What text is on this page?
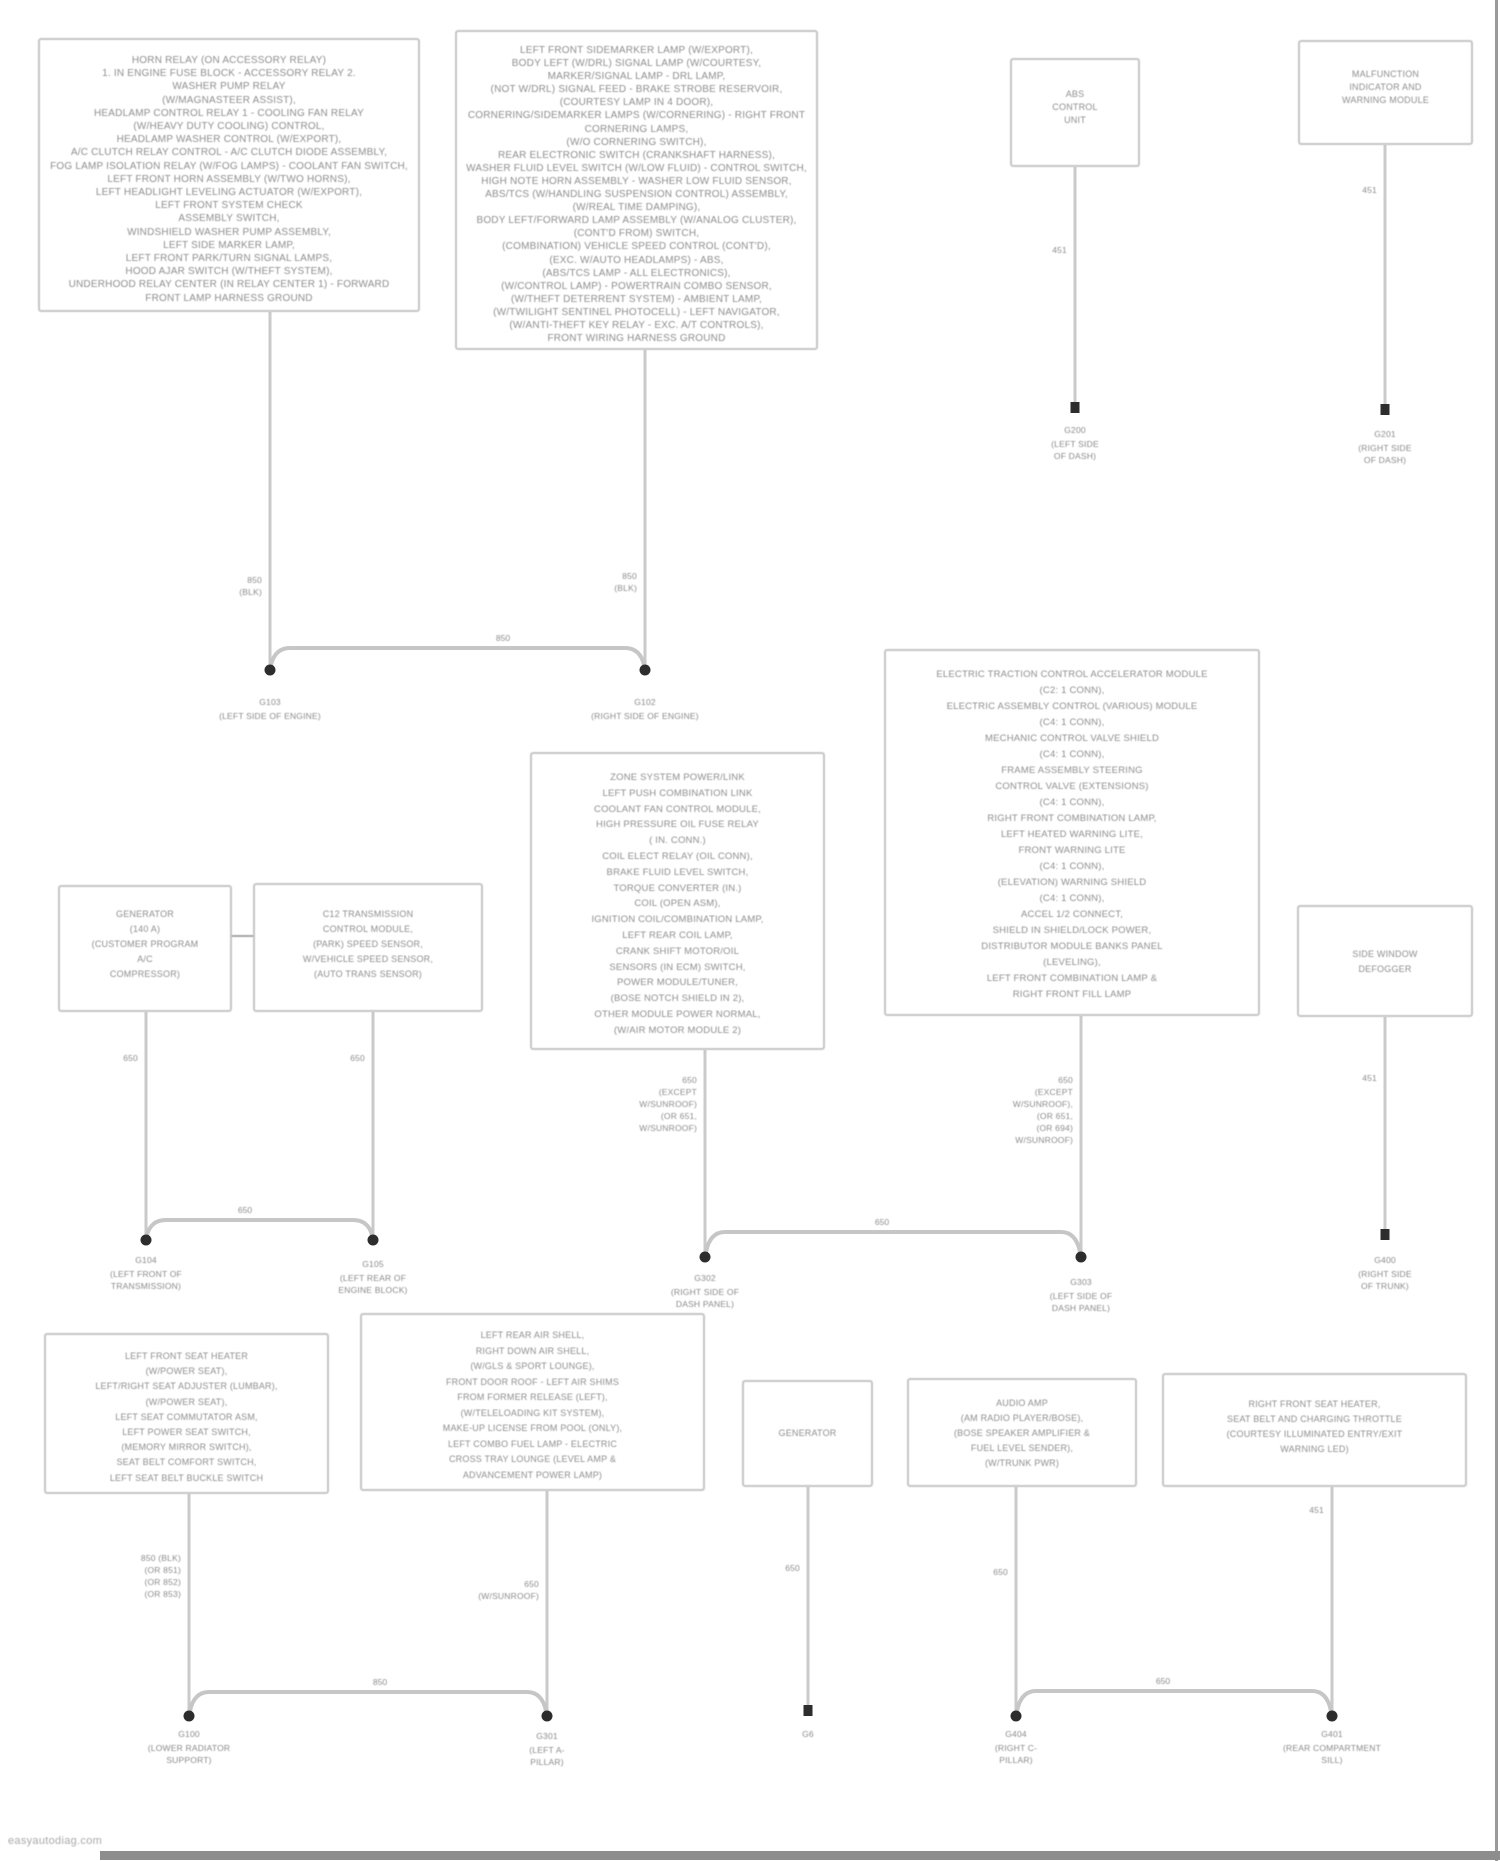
HORN RELAY (ON ACCESSORY RELAY)
1. IN ENGINE FUSE BLOCK - ACCESSORY RELAY 2.
WASHER PUMP RELAY
(W/MAGNASTEER ASSIST),
HEADLAMP CONTROL RELAY 1 - COOLING FAN RELAY
(W/HEAVY DUTY COOLING) CONTROL,
HEADLAMP WASHER CONTROL (W/EXPORT),
A/C CLUTCH RELAY CONTROL - A/C CLUTCH DIODE ASSEMBLY,
FOG LAMP ISOLATION RELAY (W/FOG LAMPS) - COOLANT FAN SWITCH,
LEFT FRONT HORN ASSEMBLY (W/TWO HORNS),
LEFT HEADLIGHT LEVELING ACTUATOR (W/EXPORT),
LEFT FRONT SYSTEM CHECK
ASSEMBLY SWITCH,
WINDSHIELD WASHER PUMP ASSEMBLY,
LEFT SIDE MARKER LAMP,
LEFT FRONT PARK/TURN SIGNAL LAMPS,
HOOD AJAR SWITCH (W/THEFT SYSTEM),
UNDERHOOD RELAY CENTER (IN RELAY CENTER 1) - FORWARD
FRONT LAMP HARNESS GROUND
LEFT FRONT SIDEMARKER LAMP (W/EXPORT),
BODY LEFT (W/DRL) SIGNAL LAMP (W/COURTESY,
MARKER/SIGNAL LAMP - DRL LAMP,
(NOT W/DRL) SIGNAL FEED - BRAKE STROBE RESERVOIR,
(COURTESY LAMP IN 4 DOOR),
CORNERING/SIDEMARKER LAMPS (W/CORNERING) - RIGHT FRONT
CORNERING LAMPS,
(W/O CORNERING SWITCH),
REAR ELECTRONIC SWITCH (CRANKSHAFT HARNESS),
WASHER FLUID LEVEL SWITCH (W/LOW FLUID) - CONTROL SWITCH,
HIGH NOTE HORN ASSEMBLY - WASHER LOW FLUID SENSOR,
ABS/TCS (W/HANDLING SUSPENSION CONTROL) ASSEMBLY,
(W/REAL TIME DAMPING),
BODY LEFT/FORWARD LAMP ASSEMBLY (W/ANALOG CLUSTER),
(CONT'D FROM) SWITCH,
(COMBINATION) VEHICLE SPEED CONTROL (CONT'D),
(EXC. W/AUTO HEADLAMPS) - ABS,
(ABS/TCS LAMP - ALL ELECTRONICS),
(W/CONTROL LAMP) - POWERTRAIN COMBO SENSOR,
(W/THEFT DETERRENT SYSTEM) - AMBIENT LAMP,
(W/TWILIGHT SENTINEL PHOTOCELL) - LEFT NAVIGATOR,
(W/ANTI-THEFT KEY RELAY - EXC. A/T CONTROLS),
FRONT WIRING HARNESS GROUND
ABS
CONTROL
UNIT
MALFUNCTION
INDICATOR AND
WARNING MODULE
GENERATOR
(140 A)
(CUSTOMER PROGRAM
A/C
COMPRESSOR)
C12 TRANSMISSION
CONTROL MODULE,
(PARK) SPEED SENSOR,
W/VEHICLE SPEED SENSOR,
(AUTO TRANS SENSOR)
ZONE SYSTEM POWER/LINK
LEFT PUSH COMBINATION LINK
COOLANT FAN CONTROL MODULE,
HIGH PRESSURE OIL FUSE RELAY
( IN. CONN.)
COIL ELECT RELAY (OIL CONN),
BRAKE FLUID LEVEL SWITCH,
TORQUE CONVERTER (IN.)
COIL (OPEN ASM),
IGNITION COIL/COMBINATION LAMP,
LEFT REAR COIL LAMP,
CRANK SHIFT MOTOR/OIL
SENSORS (IN ECM) SWITCH,
POWER MODULE/TUNER,
(BOSE NOTCH SHIELD IN 2),
OTHER MODULE POWER NORMAL,
(W/AIR MOTOR MODULE 2)
ELECTRIC TRACTION CONTROL ACCELERATOR MODULE
(C2: 1 CONN),
ELECTRIC ASSEMBLY CONTROL (VARIOUS) MODULE
(C4: 1 CONN),
MECHANIC CONTROL VALVE SHIELD
(C4: 1 CONN),
FRAME ASSEMBLY STEERING
CONTROL VALVE (EXTENSIONS)
(C4: 1 CONN),
RIGHT FRONT COMBINATION LAMP,
LEFT HEATED WARNING LITE,
FRONT WARNING LITE
(C4: 1 CONN),
(ELEVATION) WARNING SHIELD
(C4: 1 CONN),
ACCEL 1/2 CONNECT,
SHIELD IN SHIELD/LOCK POWER,
DISTRIBUTOR MODULE BANKS PANEL
(LEVELING),
LEFT FRONT COMBINATION LAMP &
RIGHT FRONT FILL LAMP
SIDE WINDOW
DEFOGGER
LEFT FRONT SEAT HEATER
(W/POWER SEAT),
LEFT/RIGHT SEAT ADJUSTER (LUMBAR),
(W/POWER SEAT),
LEFT SEAT COMMUTATOR ASM,
LEFT POWER SEAT SWITCH,
(MEMORY MIRROR SWITCH),
SEAT BELT COMFORT SWITCH,
LEFT SEAT BELT BUCKLE SWITCH
LEFT REAR AIR SHELL,
RIGHT DOWN AIR SHELL,
(W/GLS & SPORT LOUNGE),
FRONT DOOR ROOF - LEFT AIR SHIMS
FROM FORMER RELEASE (LEFT),
(W/TELELOADING KIT SYSTEM),
MAKE-UP LICENSE FROM POOL (ONLY),
LEFT COMBO FUEL LAMP - ELECTRIC
CROSS TRAY LOUNGE (LEVEL AMP &
ADVANCEMENT POWER LAMP)
GENERATOR
AUDIO AMP
(AM RADIO PLAYER/BOSE),
(BOSE SPEAKER AMPLIFIER &
FUEL LEVEL SENDER),
(W/TRUNK PWR)
RIGHT FRONT SEAT HEATER,
SEAT BELT AND CHARGING THROTTLE
(COURTESY ILLUMINATED ENTRY/EXIT
WARNING LED)
850
(BLK)
850
(BLK)
451
451
650	650
650
(EXCEPT
W/SUNROOF)
(OR 651,
W/SUNROOF)
650
(EXCEPT
W/SUNROOF),
(OR 651,
(OR 694)
W/SUNROOF)
451
850 (BLK)
(OR 851)
(OR 852)
(OR 853)
650
(W/SUNROOF)
650	650
451
850
650
650
850	650
G103
(LEFT SIDE OF ENGINE)
G102
(RIGHT SIDE OF ENGINE)
G200
(LEFT SIDE
OF DASH)
G201
(RIGHT SIDE
OF DASH)
G104
(LEFT FRONT OF
TRANSMISSION)
G105
(LEFT REAR OF
ENGINE BLOCK)
G302
(RIGHT SIDE OF
DASH PANEL)
G303
(LEFT SIDE OF
DASH PANEL)
G400
(RIGHT SIDE
OF TRUNK)
G100
(LOWER RADIATOR
SUPPORT)
G301
(LEFT A-
PILLAR)
G6	G404
(RIGHT C-
PILLAR)
G401
(REAR COMPARTMENT
SILL)
easyautodiag.com
